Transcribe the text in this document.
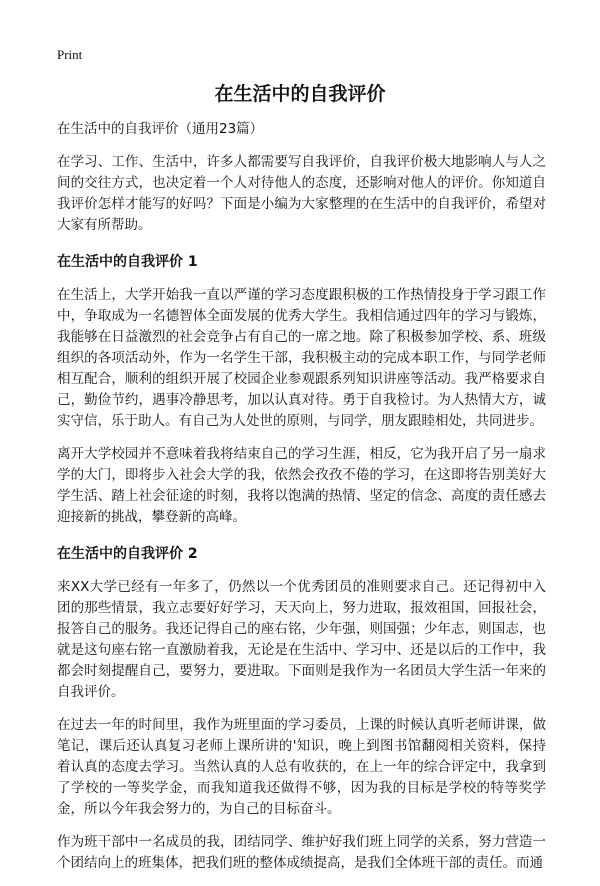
Print
在生活中的自我评价

在生活中的自我评价（通用23篇）

在学习、工作、生活中，许多人都需要写自我评价，自我评价极大地影响人与人之间的交往方式，也决定着一个人对待他人的态度，还影响对他人的评价。你知道自我评价怎样才能写的好吗？下面是小编为大家整理的在生活中的自我评价，希望对大家有所帮助。

在生活中的自我评价 1

在生活上，大学开始我一直以严谨的学习态度跟积极的工作热情投身于学习跟工作中，争取成为一名德智体全面发展的优秀大学生。我相信通过四年的学习与锻炼，我能够在日益激烈的社会竞争占有自己的一席之地。除了积极参加学校、系、班级组织的各项活动外，作为一名学生干部，我积极主动的完成本职工作，与同学老师相互配合，顺利的组织开展了校园企业参观跟系列知识讲座等活动。我严格要求自己，勤俭节约，遇事冷静思考，加以认真对待。勇于自我检讨。为人热情大方，诚实守信，乐于助人。有自己为人处世的原则，与同学，朋友跟睦相处，共同进步。

离开大学校园并不意味着我将结束自己的学习生涯，相反，它为我开启了另一扇求学的大门，即将步入社会大学的我，依然会孜孜不倦的学习，在这即将告别美好大学生活、踏上社会征途的时刻，我将以饱满的热情、坚定的信念、高度的责任感去迎接新的挑战，攀登新的高峰。

在生活中的自我评价 2

来XX大学已经有一年多了，仍然以一个优秀团员的准则要求自己。还记得初中入团的那些情景，我立志要好好学习，天天向上，努力进取，报效祖国，回报社会，报答自己的服务。我还记得自己的座右铭，少年强，则国强；少年志，则国志，也就是这句座右铭一直激励着我，无论是在生活中、学习中、还是以后的工作中，我都会时刻提醒自己，要努力，要进取。下面则是我作为一名团员大学生活一年来的自我评价。

在过去一年的时间里，我作为班里面的学习委员，上课的时候认真听老师讲课，做笔记，课后还认真复习老师上课所讲的'知识，晚上到图书馆翻阅相关资料，保持着认真的态度去学习。当然认真的人总有收获的，在上一年的综合评定中，我拿到了学校的一等奖学金，而我知道我还做得不够，因为我的目标是学校的特等奖学金，所以今年我会努力的，为自己的目标奋斗。

作为班干部中一名成员的我，团结同学、维护好我们班上同学的关系，努力营造一个团结向上的班集体，把我们班的整体成绩提高，是我们全体班干部的责任。而通
